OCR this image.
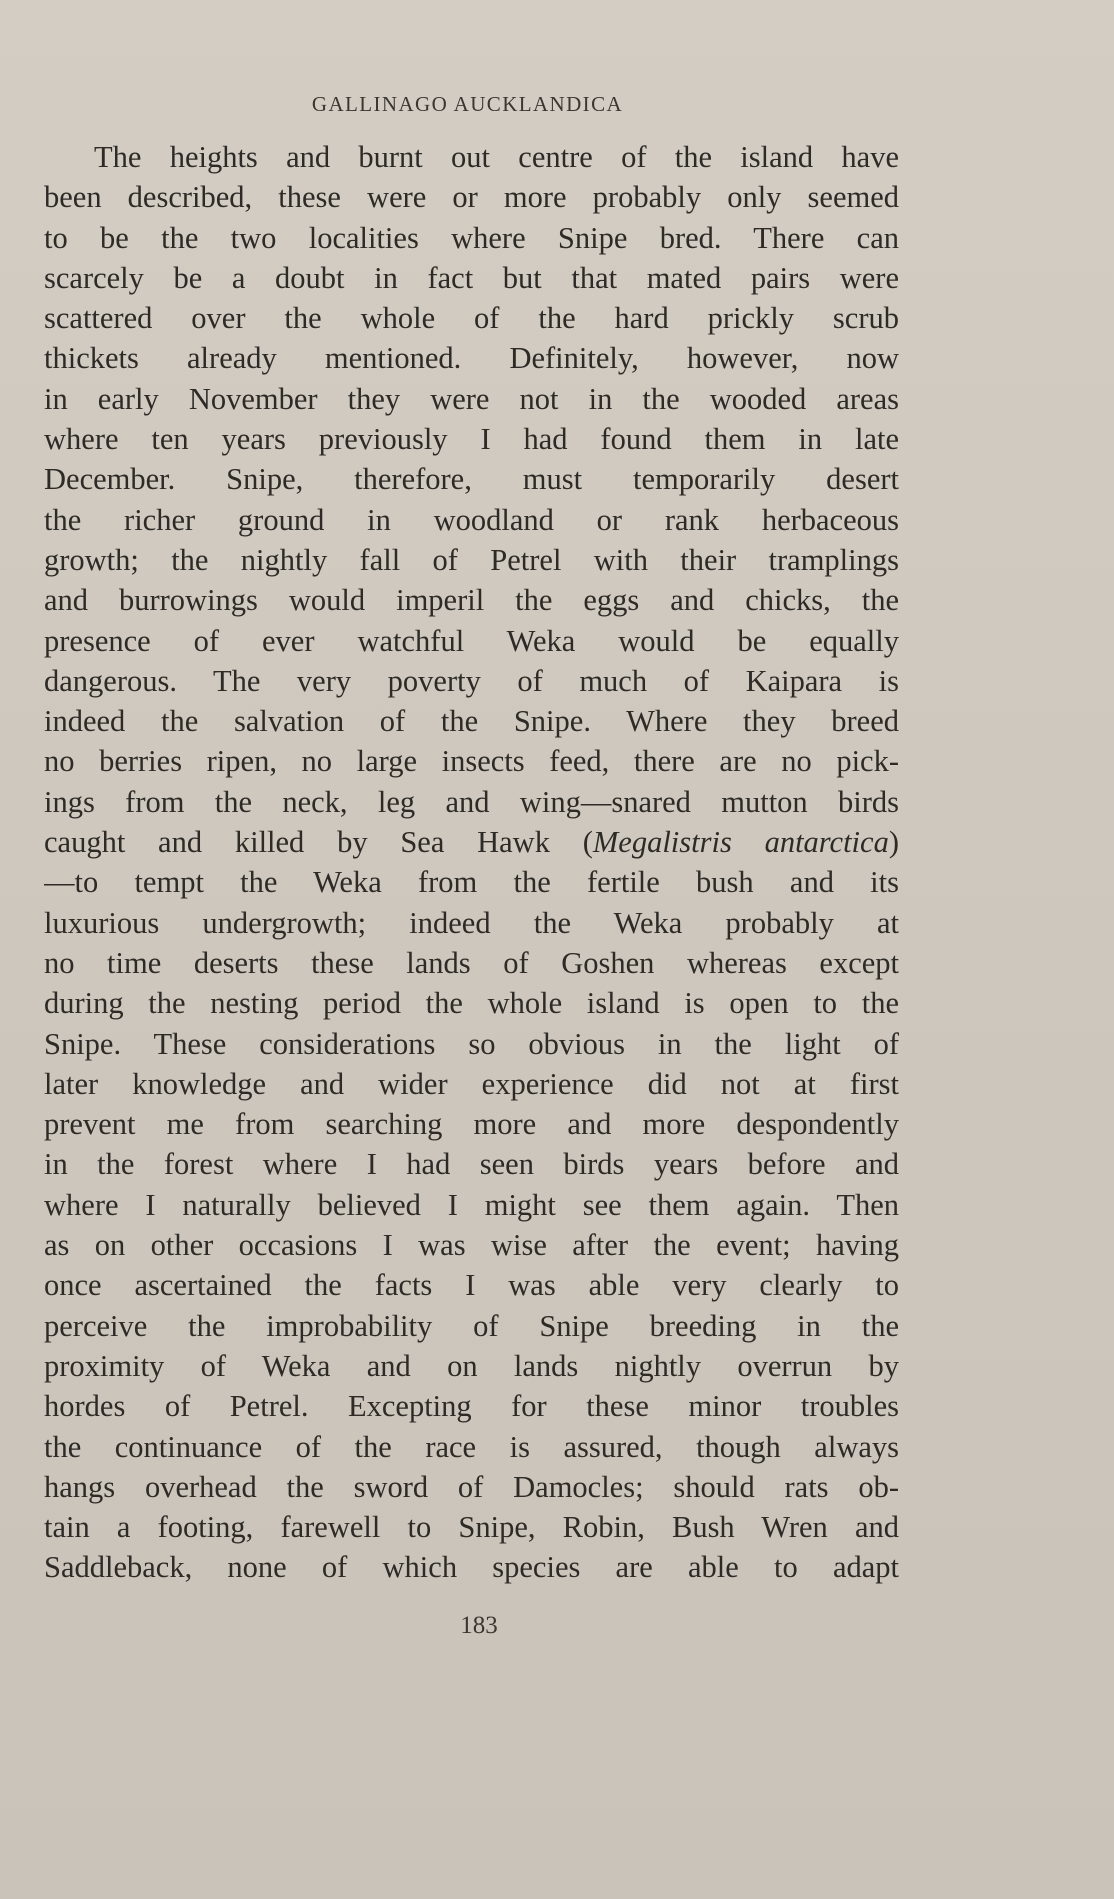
GALLINAGO AUCKLANDICA
The heights and burnt out centre of the island have
been described, these were or more probably only seemed
to be the two localities where Snipe bred. There can
scarcely be a doubt in fact but that mated pairs were
scattered over the whole of the hard prickly scrub
thickets already mentioned. Definitely, however, now
in early November they were not in the wooded areas
where ten years previously I had found them in late
December. Snipe, therefore, must temporarily desert
the richer ground in woodland or rank herbaceous
growth; the nightly fall of Petrel with their tramplings
and burrowings would imperil the eggs and chicks, the
presence of ever watchful Weka would be equally
dangerous. The very poverty of much of Kaipara is
indeed the salvation of the Snipe. Where they breed
no berries ripen, no large insects feed, there are no pick-
ings from the neck, leg and wing—snared mutton birds
caught and killed by Sea Hawk (Megalistris antarctica)
—to tempt the Weka from the fertile bush and its
luxurious undergrowth; indeed the Weka probably at
no time deserts these lands of Goshen whereas except
during the nesting period the whole island is open to the
Snipe. These considerations so obvious in the light of
later knowledge and wider experience did not at first
prevent me from searching more and more despondently
in the forest where I had seen birds years before and
where I naturally believed I might see them again. Then
as on other occasions I was wise after the event; having
once ascertained the facts I was able very clearly to
perceive the improbability of Snipe breeding in the
proximity of Weka and on lands nightly overrun by
hordes of Petrel. Excepting for these minor troubles
the continuance of the race is assured, though always
hangs overhead the sword of Damocles; should rats ob-
tain a footing, farewell to Snipe, Robin, Bush Wren and
Saddleback, none of which species are able to adapt
183
